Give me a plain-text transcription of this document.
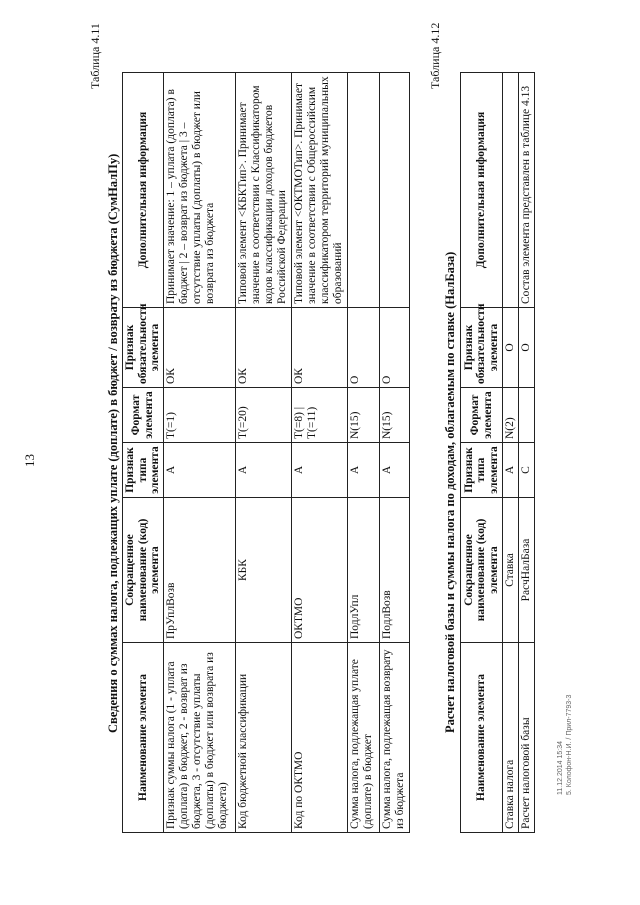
13
Таблица 4.11
Сведения о суммах налога, подлежащих уплате (доплате) в бюджет / возврату из бюджета (СумНалПу)
Наименование элемента	Сокращенное наименование (код) элемента	Признак типа элемента	Формат элемента	Признак обязательности элемента	Дополнительная информация
Признак суммы налога (1 - уплата (доплата) в бюджет, 2 - возврат из бюджета, 3 - отсутствие уплаты (доплаты) в бюджет или возврата из бюджета)	ПрУплВозв	А	T(=1)	ОК	Принимает значение: 1 – уплата (доплата) в бюджет | 2 – возврат из бюджета | 3 – отсутствие уплаты (доплаты) в бюджет или возврата из бюджета
Код бюджетной классификации	КБК	А	T(=20)	ОК	Типовой элемент <КБКТип>. Принимает значение в соответствии с Классификатором кодов классификации доходов бюджетов Российской Федерации
Код по ОКТМО	ОКТМО	А	T(=8) | T(=11)	ОК	Типовой элемент <ОКТМОТип>. Принимает значение в соответствии с Общероссийским классификатором территорий муниципальных образований
Сумма налога, подлежащая уплате (доплате) в бюджет	ПодлУпл	А	N(15)	О	
Сумма налога, подлежащая возврату из бюджета	ПодлВозв	А	N(15)	О	
Таблица 4.12
Расчет налоговой базы и суммы налога по доходам, облагаемым по ставке (НалБаза)
Наименование элемента	Сокращенное наименование (код) элемента	Признак типа элемента	Формат элемента	Признак обязательности элемента	Дополнительная информация
Ставка налога	Ставка	А	N(2)	О	
Расчет налоговой базы	РасчНалБаза	С		О	Состав элемента представлен в таблице 4.13
11.12.2014 15:34 5. Колофон-Н.И. / Прил-7793-3
